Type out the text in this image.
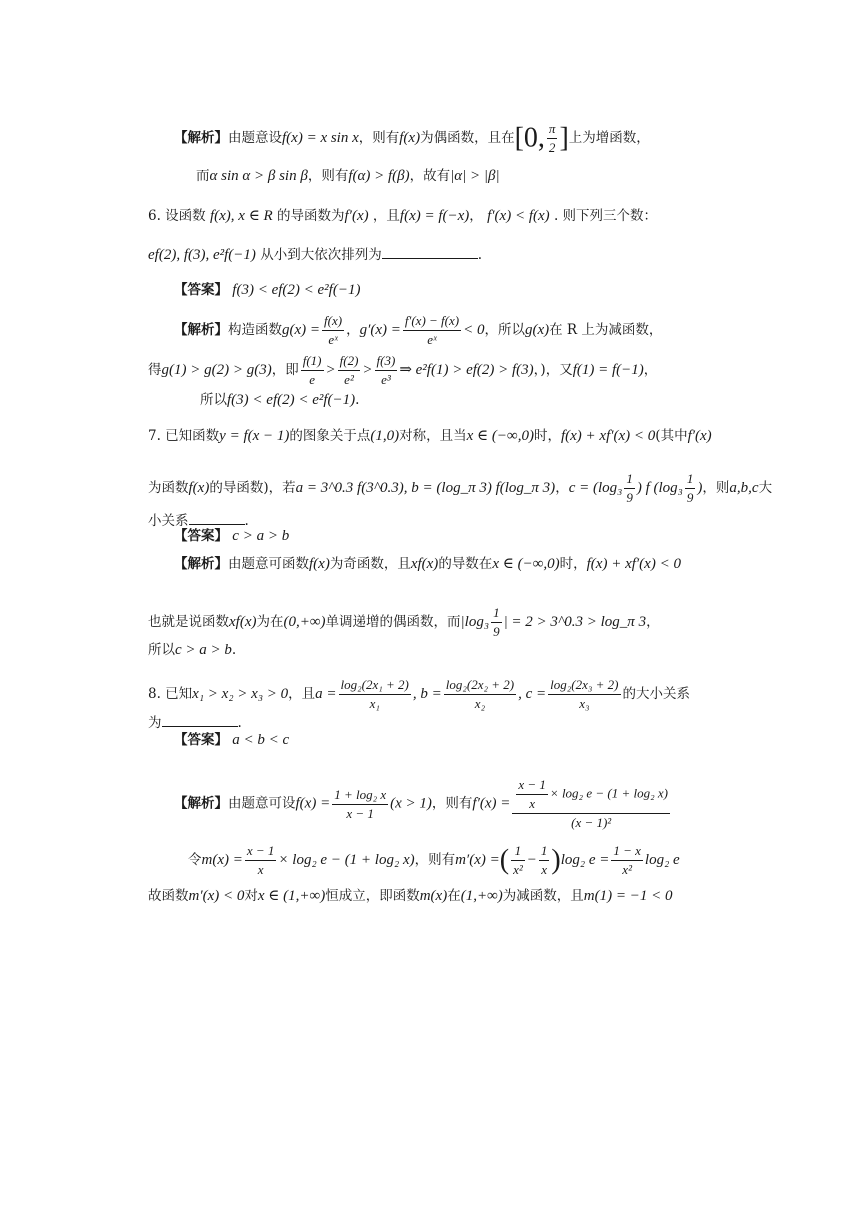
【解析】由题意设f(x) = x sin x，则有f(x)为偶函数，且在[0, $\frac{\pi}{2}$ ]上为增函数，
而α sin α > β sin β，则有f(α) > f(β)，故有|α| > |β|
6. 设函数 f(x), x ∈ R 的导函数为f′(x) ，且f(x) = f(−x)， f′(x) < f(x) . 则下列三个数：
ef(2), f(3), e²f(−1) 从小到大依次排列为	.
【答案】 f(3) < ef(2) < e²f(−1)
【解析】构造函数$g(x) = \frac{f(x)}{\text{eˣ}}$ ，$g'(x) = \frac{f'(x) - f(x)}{\text{eˣ}} < 0$，所以g(x)在 R 上为减函数，
得g(1) > g(2) > g(3)，即 $\frac{f(1)}{e} > \frac{f(2)}{\text{e²}} > \frac{f(3)}{\text{e³}}$ ⇒ e²f(1) > ef(2) > f(3)，)，又f(1) = f(−1)，
所以f(3) < ef(2) < e²f(−1).
7. 已知函数y = f(x − 1)的图象关于点(1,0)对称，且当x ∈ (−∞,0)时，f(x) + xf′(x) < 0(其中f′(x)
为函数f(x)的导函数)，若a = 3^0.3 f(3^0.3), b = (log_π 3) f(log_π 3)，$c = (\log_3 \frac{1}{9}$ ) f ($\log_3 \frac{1}{9}$ )，则a,b,c大
小关系	.
【答案】 c > a > b
【解析】由题意可函数f(x)为奇函数，且xf(x)的导数在x ∈ (−∞,0)时，f(x) + xf′(x) < 0
也就是说函数xf(x)为在(0,+∞)单调递增的偶函数，而$|\log_3 \frac{1}{9}$ | = 2 > 3^0.3 > log_π 3，
所以c > a > b.
8. 已知x₁ > x₂ > x₃ > 0，且$a = \frac{\text{log₂(2x₁ + 2)}}{\text{x₁}}$ , $b = \frac{\text{log₂(2x₂ + 2)}}{\text{x₂}}$ , $c = \frac{\text{log₂(2x₃ + 2)}}{\text{x₃}}$ 的大小关系
为	.
【答案】 a < b < c
【解析】由题意可设$f(x) = \frac{\text{1 + log₂ x}}{x - 1} (x > 1)$，则有$f'(x) = \frac{\frac{x - 1}{x} \times \log_2 e - (1 + \log_2 x)}{\text{(x − 1)²}}$
令$m(x) = \frac{x - 1}{x} \times \log_2$ e − (1 + log₂ x)，则有m′(x) =( $\frac{1}{\text{x²}} - \frac{1}{x} )\log_2$ $e = \frac{1 - x}{\text{x²}} \log_2$ e
故函数m′(x) < 0对x ∈ (1,+∞)恒成立，即函数m(x)在(1,+∞)为减函数，且m(1) = −1 < 0
